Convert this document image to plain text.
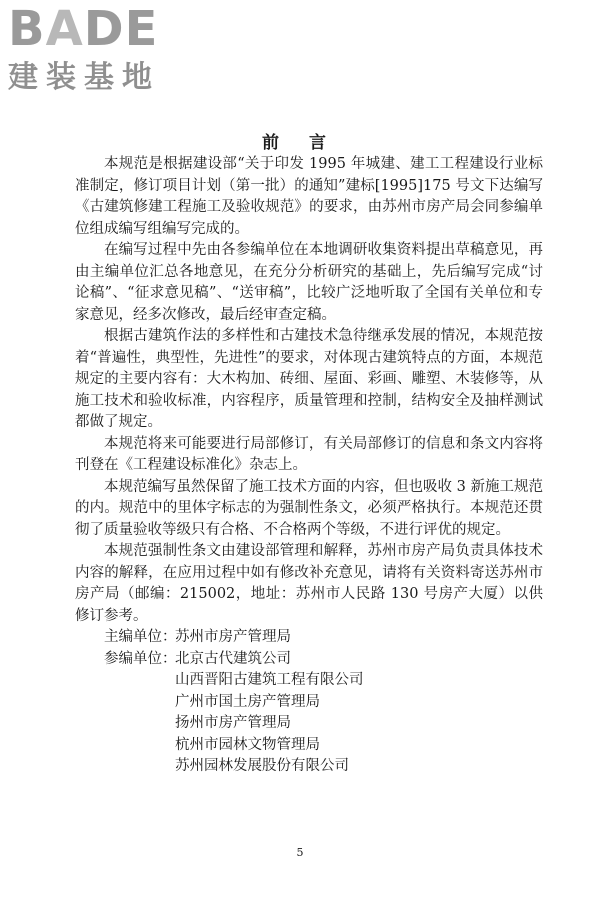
BADE
建装基地
前 言

本规范是根据建设部“关于印发 1995 年城建、建工工程建设行业标准制定，修订项目计划（第一批）的通知”建标[1995]175 号文下达编写《古建筑修建工程施工及验收规范》的要求，由苏州市房产局会同参编单位组成编写组编写完成的。

在编写过程中先由各参编单位在本地调研收集资料提出草稿意见，再由主编单位汇总各地意见，在充分分析研究的基础上，先后编写完成“讨论稿”、“征求意见稿”、“送审稿”，比较广泛地听取了全国有关单位和专家意见，经多次修改，最后经审查定稿。

根据古建筑作法的多样性和古建技术急待继承发展的情况，本规范按着“普遍性，典型性，先进性”的要求，对体现古建筑特点的方面，本规范规定的主要内容有：大木构加、砖细、屋面、彩画、雕塑、木装修等，从施工技术和验收标准，内容程序，质量管理和控制，结构安全及抽样测试都做了规定。

本规范将来可能要进行局部修订，有关局部修订的信息和条文内容将刊登在《工程建设标准化》杂志上。

本规范编写虽然保留了施工技术方面的内容，但也吸收 3 新施工规范的内。规范中的里体字标志的为强制性条文，必须严格执行。本规范还贯彻了质量验收等级只有合格、不合格两个等级，不进行评优的规定。

本规范强制性条文由建设部管理和解释，苏州市房产局负责具体技术内容的解释，在应用过程中如有修改补充意见，请将有关资料寄送苏州市房产局（邮编：215002，地址：苏州市人民路 130 号房产大厦）以供修订参考。

主编单位：
苏州市房产管理局
参编单位：
北京古代建筑公司
山西晋阳古建筑工程有限公司
广州市国土房产管理局
扬州市房产管理局
杭州市园林文物管理局
苏州园林发展股份有限公司
5
